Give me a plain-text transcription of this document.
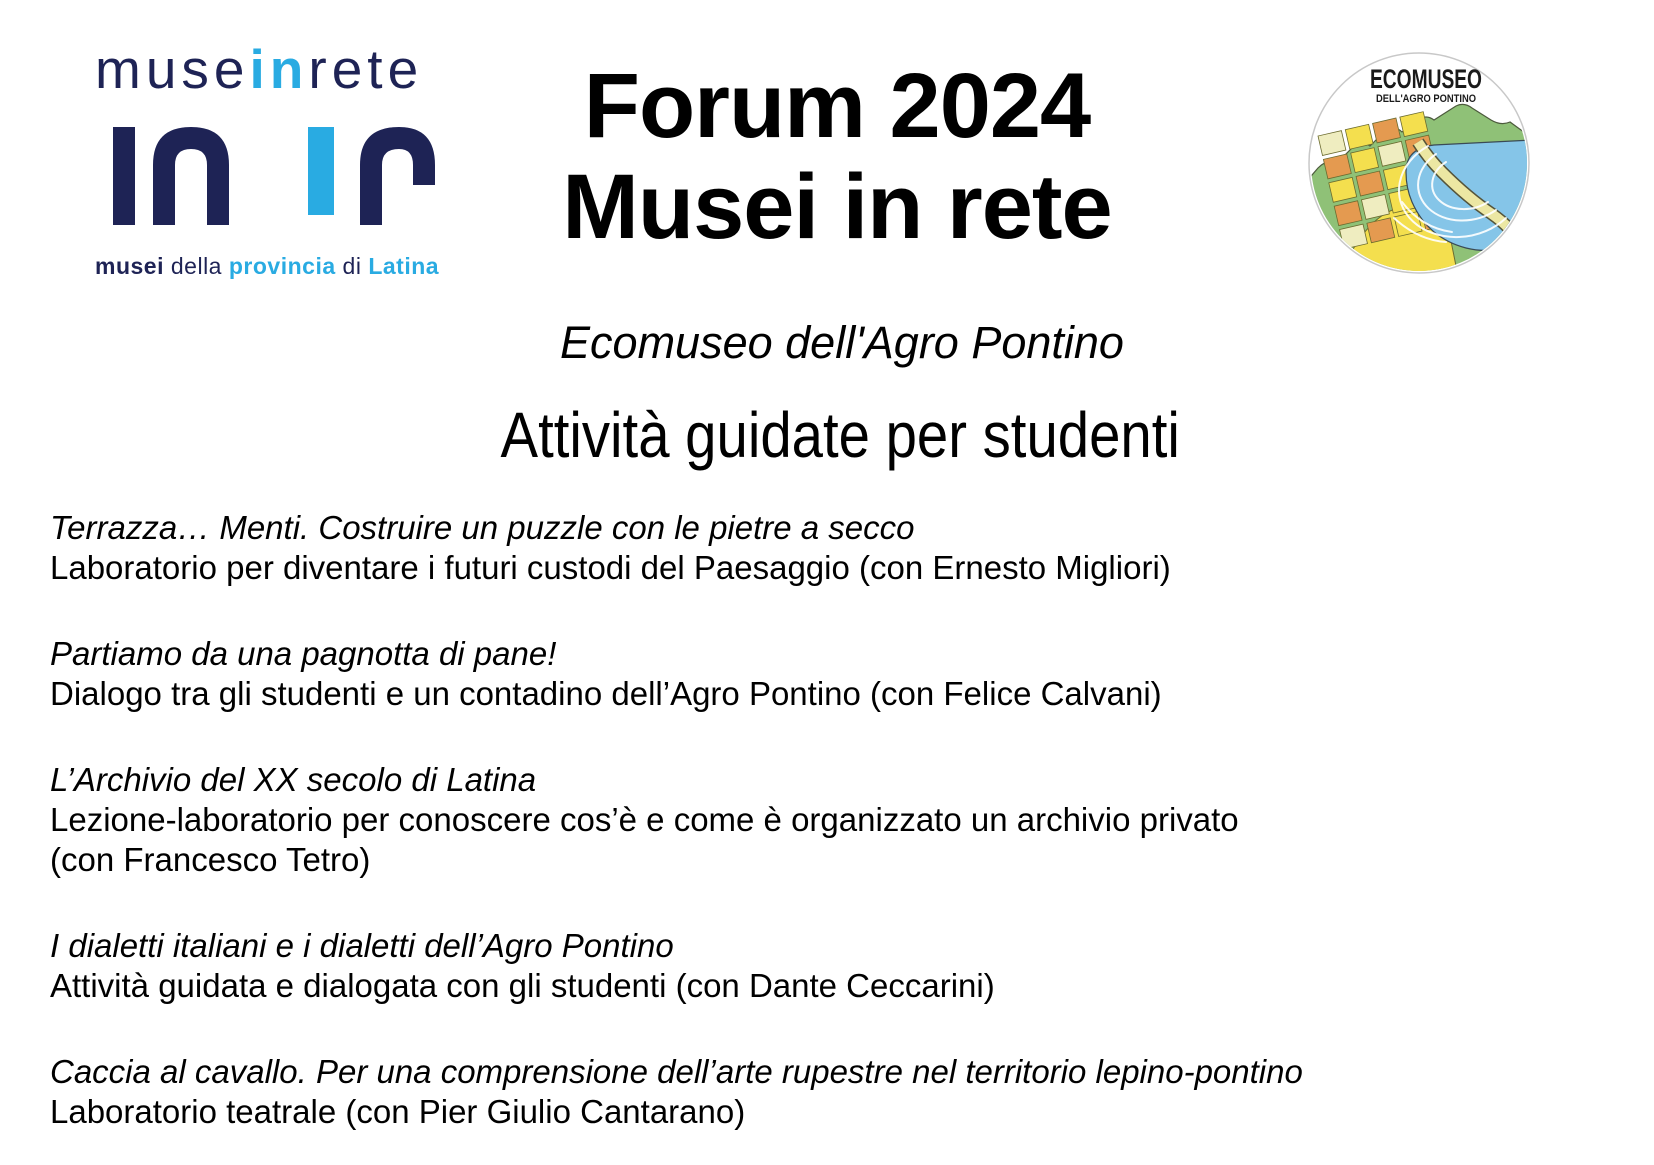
museinrete
musei della provincia di Latina
Forum 2024
Musei in rete
ECOMUSEO
DELL'AGRO PONTINO
Ecomuseo dell'Agro Pontino
Attività guidate per studenti
Terrazza… Menti. Costruire un puzzle con le pietre a secco
Laboratorio per diventare i futuri custodi del Paesaggio (con Ernesto Migliori)
Partiamo da una pagnotta di pane!
Dialogo tra gli studenti e un contadino dell’Agro Pontino (con Felice Calvani)
L’Archivio del XX secolo di Latina
Lezione-laboratorio per conoscere cos’è e come è organizzato un archivio privato
(con Francesco Tetro)
I dialetti italiani e i dialetti dell’Agro Pontino
Attività guidata e dialogata con gli studenti (con Dante Ceccarini)
Caccia al cavallo. Per una comprensione dell’arte rupestre nel territorio lepino-pontino
Laboratorio teatrale (con Pier Giulio Cantarano)
